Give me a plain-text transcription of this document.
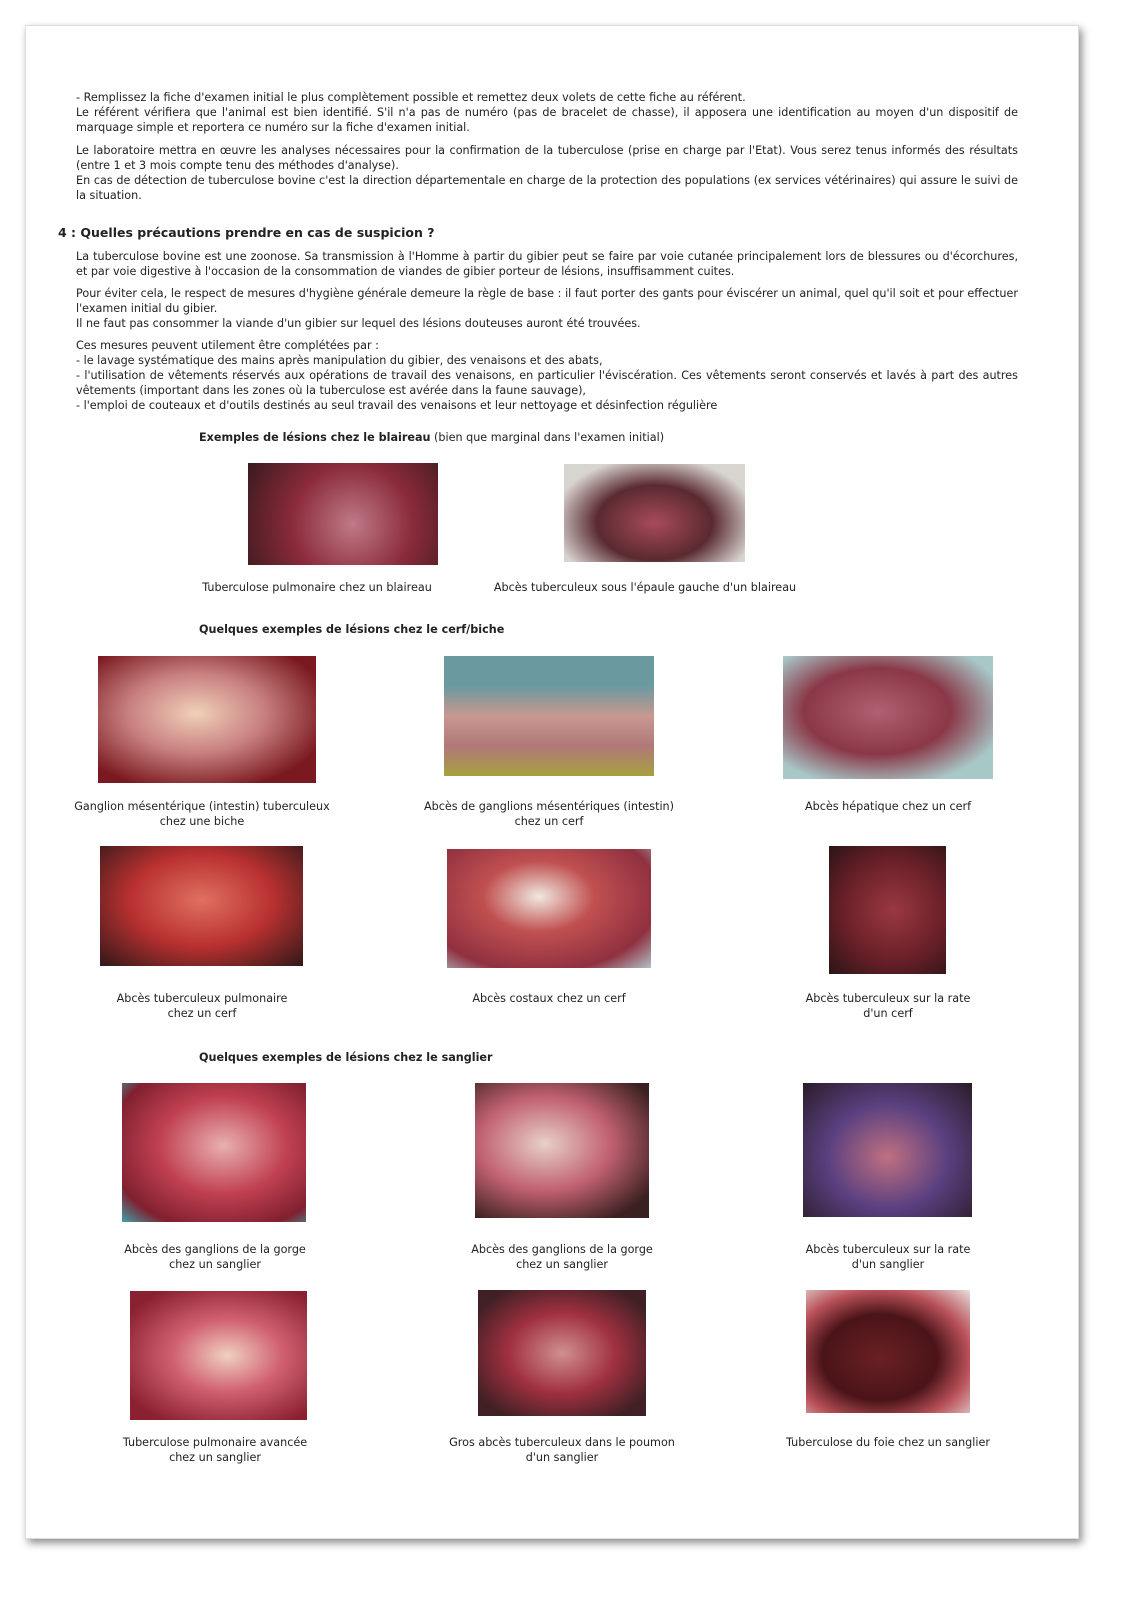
- Remplissez la fiche d'examen initial le plus complètement possible et remettez deux volets de cette fiche au référent.

Le référent vérifiera que l'animal est bien identifié. S'il n'a pas de numéro (pas de bracelet de chasse), il apposera une identification au moyen d'un dispositif de marquage simple et reportera ce numéro sur la fiche d'examen initial.

Le laboratoire mettra en œuvre les analyses nécessaires pour la confirmation de la tuberculose (prise en charge par l'Etat). Vous serez tenus informés des résultats (entre 1 et 3 mois compte tenu des méthodes d'analyse).

En cas de détection de tuberculose bovine c'est la direction départementale en charge de la protection des populations (ex services vétérinaires) qui assure le suivi de la situation.

4 : Quelles précautions prendre en cas de suspicion ?

La tuberculose bovine est une zoonose. Sa transmission à l'Homme à partir du gibier peut se faire par voie cutanée principalement lors de blessures ou d'écorchures, et par voie digestive à l'occasion de la consommation de viandes de gibier porteur de lésions, insuffisamment cuites.

Pour éviter cela, le respect de mesures d'hygiène générale demeure la règle de base : il faut porter des gants pour éviscérer un animal, quel qu'il soit et pour effectuer l'examen initial du gibier.

Il ne faut pas consommer la viande d'un gibier sur lequel des lésions douteuses auront été trouvées.

Ces mesures peuvent utilement être complétées par :

- le lavage systématique des mains après manipulation du gibier, des venaisons et des abats,

- l'utilisation de vêtements réservés aux opérations de travail des venaisons, en particulier l'éviscération. Ces vêtements seront conservés et lavés à part des autres vêtements (important dans les zones où la tuberculose est avérée dans la faune sauvage),

- l'emploi de couteaux et d'outils destinés au seul travail des venaisons et leur nettoyage et désinfection régulière

Exemples de lésions chez le blaireau (bien que marginal dans l'examen initial)
Tuberculose pulmonaire chez un blaireau	Abcès tuberculeux sous l'épaule gauche d'un blaireau
Quelques exemples de lésions chez le cerf/biche
Ganglion mésentérique (intestin) tuberculeux
chez une biche
Abcès de ganglions mésentériques (intestin)
chez un cerf
Abcès hépatique chez un cerf
Abcès tuberculeux pulmonaire
chez un cerf
Abcès costaux chez un cerf	Abcès tuberculeux sur la rate
d'un cerf
Quelques exemples de lésions chez le sanglier
Abcès des ganglions de la gorge
chez un sanglier
Abcès des ganglions de la gorge
chez un sanglier
Abcès tuberculeux sur la rate
d'un sanglier
Tuberculose pulmonaire avancée
chez un sanglier
Gros abcès tuberculeux dans le poumon
d'un sanglier
Tuberculose du foie chez un sanglier
